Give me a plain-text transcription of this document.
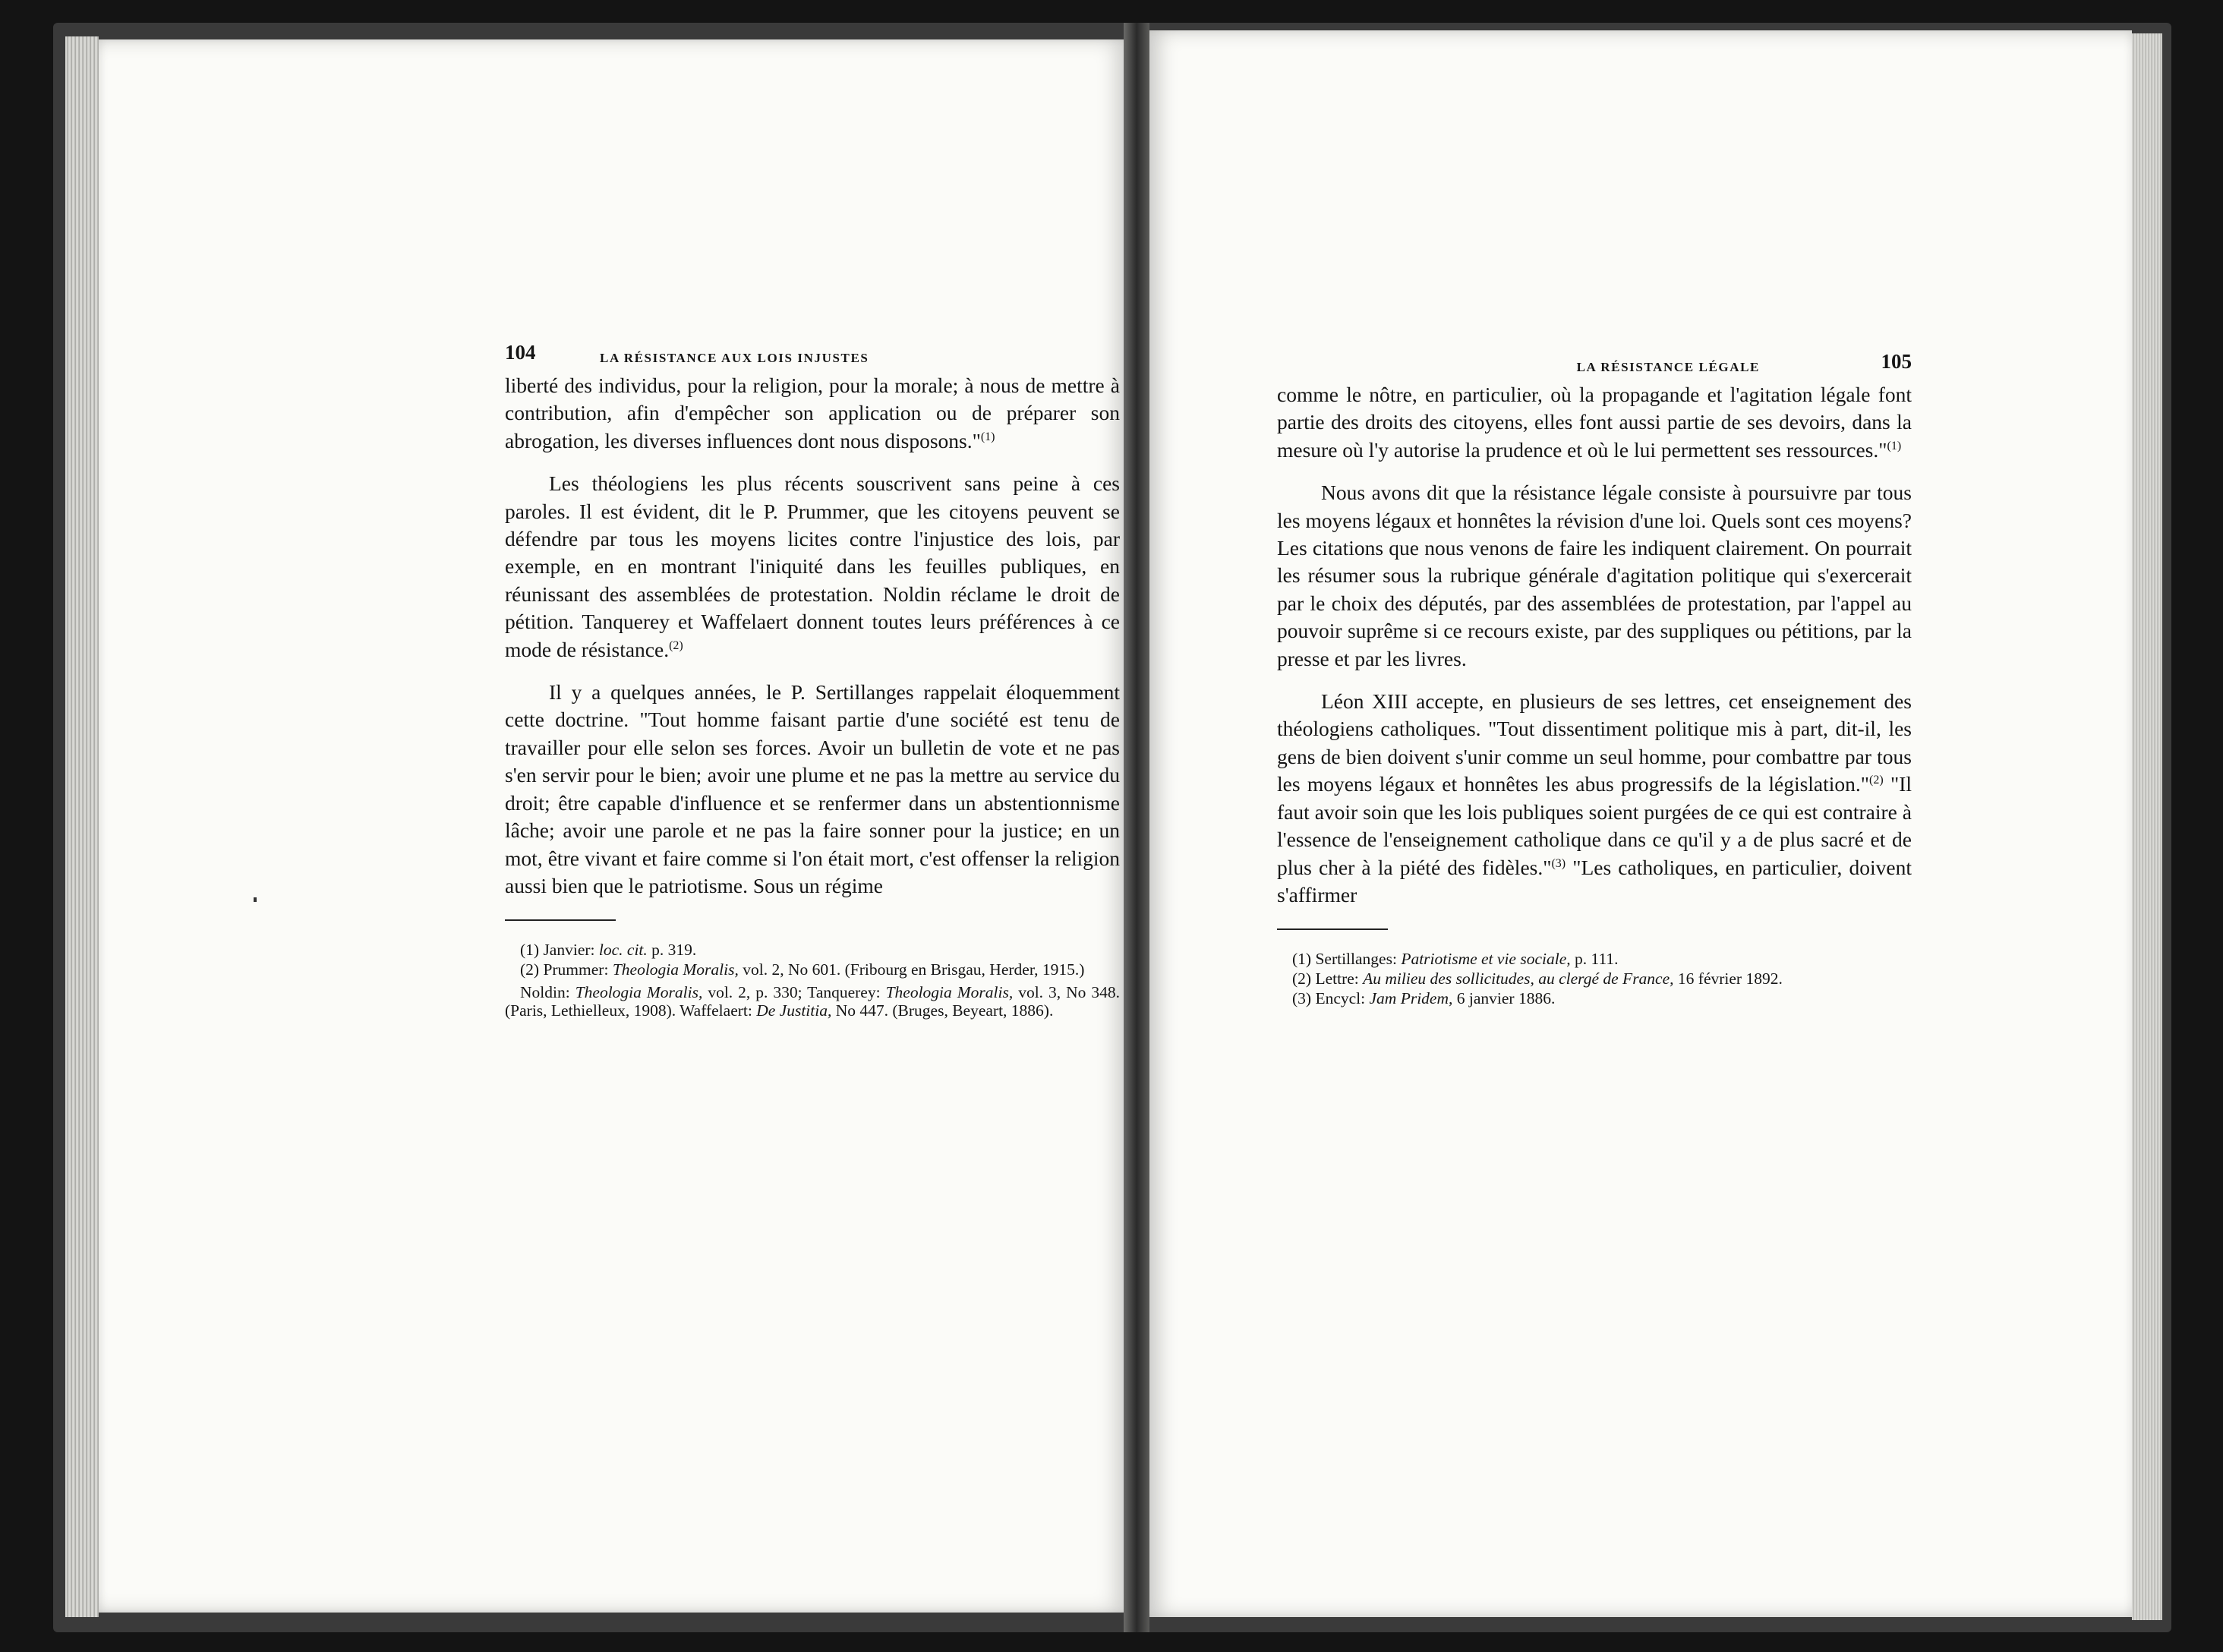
104	LA RÉSISTANCE AUX LOIS INJUSTES

liberté des individus, pour la religion, pour la morale; à nous de mettre à contribution, afin d'empêcher son application ou de préparer son abrogation, les diverses influences dont nous disposons."$^{(1)}$

Les théologiens les plus récents souscrivent sans peine à ces paroles. Il est évident, dit le P. Prummer, que les citoyens peuvent se défendre par tous les moyens licites contre l'injustice des lois, par exemple, en en montrant l'iniquité dans les feuilles publiques, en réunissant des assemblées de protestation. Noldin réclame le droit de pétition. Tanquerey et Waffelaert donnent toutes leurs préférences à ce mode de résistance.$^{(2)}$

Il y a quelques années, le P. Sertillanges rappelait éloquemment cette doctrine. "Tout homme faisant partie d'une société est tenu de travailler pour elle selon ses forces. Avoir un bulletin de vote et ne pas s'en servir pour le bien; avoir une plume et ne pas la mettre au service du droit; être capable d'influence et se renfermer dans un abstentionnisme lâche; avoir une parole et ne pas la faire sonner pour la justice; en un mot, être vivant et faire comme si l'on était mort, c'est offenser la religion aussi bien que le patriotisme. Sous un régime

(1) Janvier: loc. cit. p. 319.
(2) Prummer: Theologia Moralis, vol. 2, No 601. (Fribourg en Brisgau, Herder, 1915.)
Noldin: Theologia Moralis, vol. 2, p. 330; Tanquerey: Theologia Moralis, vol. 3, No 348. (Paris, Lethielleux, 1908). Waffelaert: De Justitia, No 447. (Bruges, Beyeart, 1886).
LA RÉSISTANCE LÉGALE	105

comme le nôtre, en particulier, où la propagande et l'agitation légale font partie des droits des citoyens, elles font aussi partie de ses devoirs, dans la mesure où l'y autorise la prudence et où le lui permettent ses ressources."$^{(1)}$

Nous avons dit que la résistance légale consiste à poursuivre par tous les moyens légaux et honnêtes la révision d'une loi. Quels sont ces moyens? Les citations que nous venons de faire les indiquent clairement. On pourrait les résumer sous la rubrique générale d'agitation politique qui s'exercerait par le choix des députés, par des assemblées de protestation, par l'appel au pouvoir suprême si ce recours existe, par des suppliques ou pétitions, par la presse et par les livres.

Léon XIII accepte, en plusieurs de ses lettres, cet enseignement des théologiens catholiques. "Tout dissentiment politique mis à part, dit-il, les gens de bien doivent s'unir comme un seul homme, pour combattre par tous les moyens légaux et honnêtes les abus progressifs de la législation."$^{(2)}$ "Il faut avoir soin que les lois publiques soient purgées de ce qui est contraire à l'essence de l'enseignement catholique dans ce qu'il y a de plus sacré et de plus cher à la piété des fidèles."$^{(3)}$ "Les catholiques, en particulier, doivent s'affirmer

(1) Sertillanges: Patriotisme et vie sociale, p. 111.
(2) Lettre: Au milieu des sollicitudes, au clergé de France, 16 février 1892.
(3) Encycl: Jam Pridem, 6 janvier 1886.
